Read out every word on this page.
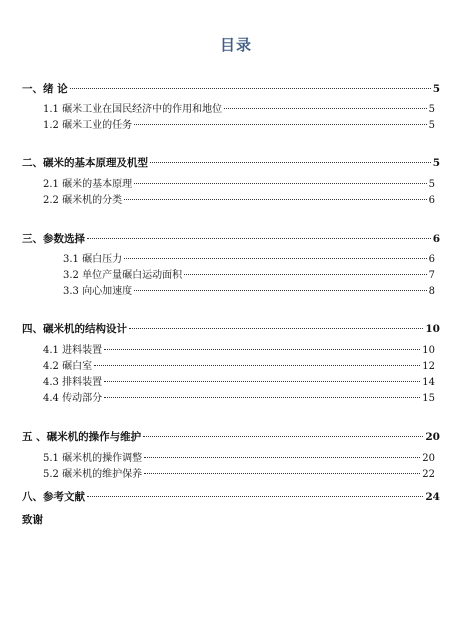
目录
一、绪 论	5
1.1 碾米工业在国民经济中的作用和地位	5
1.2 碾米工业的任务	5
二、碾米的基本原理及机型	5
2.1 碾米的基本原理	5
2.2 碾米机的分类	6
三、参数选择	6
3.1 碾白压力	6
3.2 单位产量碾白运动面积	7
3.3 向心加速度	8
四、碾米机的结构设计	10
4.1 进料装置	10
4.2 碾白室	12
4.3 排料装置	14
4.4 传动部分	15
五 、碾米机的操作与维护	20
5.1 碾米机的操作调整	20
5.2 碾米机的维护保养	22
八、参考文献	24
致谢
